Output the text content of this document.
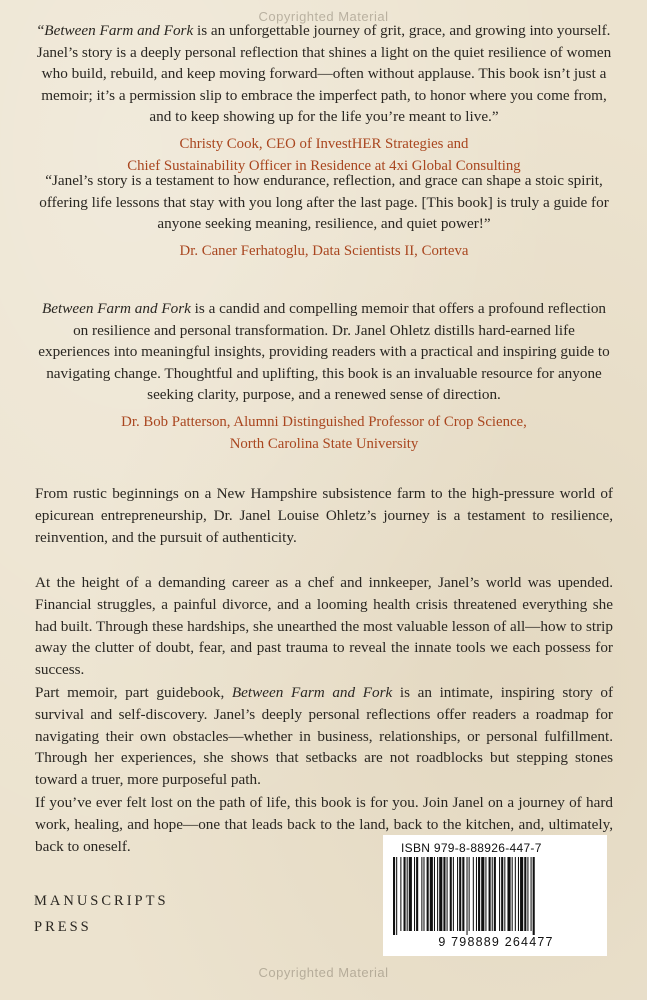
Copyrighted Material

“Between Farm and Fork is an unforgettable journey of grit, grace, and growing into yourself. Janel’s story is a deeply personal reflection that shines a light on the quiet resilience of women who build, rebuild, and keep moving forward—often without applause. This book isn’t just a memoir; it’s a permission slip to embrace the imperfect path, to honor where you come from, and to keep showing up for the life you’re meant to live.”

Christy Cook, CEO of InvestHER Strategies and
Chief Sustainability Officer in Residence at 4xi Global Consulting

“Janel’s story is a testament to how endurance, reflection, and grace can shape a stoic spirit, offering life lessons that stay with you long after the last page. [This book] is truly a guide for anyone seeking meaning, resilience, and quiet power!”

Dr. Caner Ferhatoglu, Data Scientists II, Corteva

Between Farm and Fork is a candid and compelling memoir that offers a profound reflection on resilience and personal transformation. Dr. Janel Ohletz distills hard-earned life experiences into meaningful insights, providing readers with a practical and inspiring guide to navigating change. Thoughtful and uplifting, this book is an invaluable resource for anyone seeking clarity, purpose, and a renewed sense of direction.

Dr. Bob Patterson, Alumni Distinguished Professor of Crop Science,
North Carolina State University

From rustic beginnings on a New Hampshire subsistence farm to the high-pressure world of epicurean entrepreneurship, Dr. Janel Louise Ohletz’s journey is a testament to resilience, reinvention, and the pursuit of authenticity.

At the height of a demanding career as a chef and innkeeper, Janel’s world was upended. Financial struggles, a painful divorce, and a looming health crisis threatened everything she had built. Through these hardships, she unearthed the most valuable lesson of all—how to strip away the clutter of doubt, fear, and past trauma to reveal the innate tools we each possess for success.

Part memoir, part guidebook, Between Farm and Fork is an intimate, inspiring story of survival and self-discovery. Janel’s deeply personal reflections offer readers a roadmap for navigating their own obstacles—whether in business, relationships, or personal fulfillment. Through her experiences, she shows that setbacks are not roadblocks but stepping stones toward a truer, more purposeful path.

If you’ve ever felt lost on the path of life, this book is for you. Join Janel on a journey of hard work, healing, and hope—one that leads back to the land, back to the kitchen, and, ultimately, back to oneself.

MANUSCRIPTS
PRESS
ISBN 979-8-88926-447-7
9 798889 264477
Copyrighted Material
